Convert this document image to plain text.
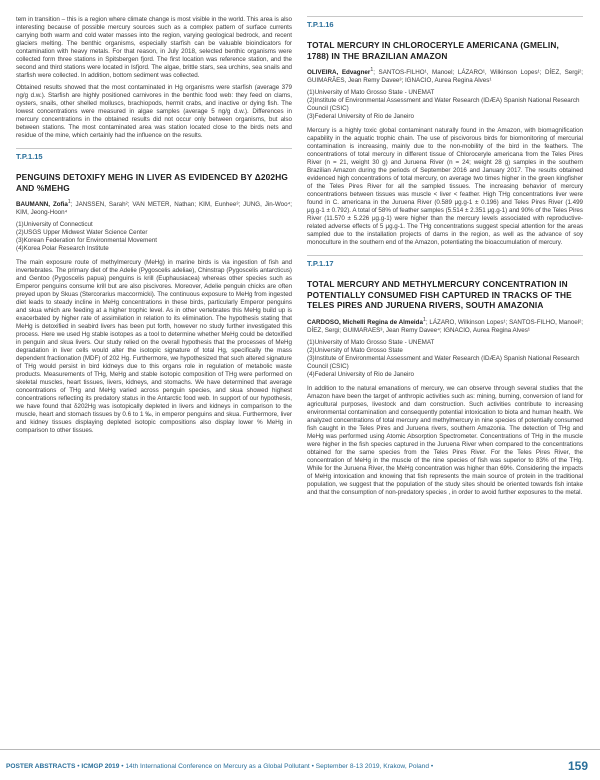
tem in transition – this is a region where climate change is most visible in the world. This area is also interesting because of possible mercury sources such as a complex pattern of surface currents carrying both warm and cold water masses into the region, varying geological bedrock, and recent glaciers melting. The benthic organisms, especially starfish can be valuable bioindicators for contamination with heavy metals. For that reason, in July 2018, selected benthic organisms were collected form three stations in Spitsbergen fjord. The first location was reference station, and the second and third stations were located in Isfjord. The algae, brittle stars, sea urchins, sea snails and starfish were collected. In addition, bottom sediment was collected.

Obtained results showed that the most contaminated in Hg organisms were starfish (average 379 ng/g d.w.). Starfish are highly positioned carnivores in the benthic food web: they feed on clams, oysters, snails, other shelled molluscs, brachiopods, hermit crabs, and inactive or dying fish. The lowest concentrations were measured in algae samples (average 5 ng/g d.w.). Differences in mercury concentrations in the obtained results did not occur only between organisms, but also between stations. The most contaminated area was station located close to the birds nets and residue of the mine, which certainly had the influence on the results.

T.P.1.15
PENGUINS DETOXIFY MEHG IN LIVER AS EVIDENCED BY Δ202HG AND %MEHG
BAUMANN, Zofia$^1$; JANSSEN, Sarah²; VAN METER, Nathan; KIM, Eunhee³; JUNG, Jin-Woo⁴; KIM, Jeong-Hoon⁴
(1)University of Connecticut
(2)USGS Upper Midwest Water Science Center
(3)Korean Federation for Environmental Movement
(4)Korea Polar Research Institute

The main exposure route of methylmercury (MeHg) in marine birds is via ingestion of fish and invertebrates. The primary diet of the Adelie (Pygoscelis adeliae), Chinstrap (Pygoscelis antarcticus) and Gentoo (Pygoscelis papua) penguins is krill (Euphausiacea) whereas other species such as Emperor penguins consume krill but are also piscivores. Moreover, Adelie penguin chicks are often preyed upon by Skuas (Stercorarius maccormicki). The continuous exposure to MeHg from ingested diet leads to steady incline in MeHg concentrations in these birds, particularly Emperor penguins and skua which are feeding at a higher trophic level. As in other vertebrates this MeHg build up is exacerbated by higher rate of assimilation in relation to its elimination. The hypothesis stating that MeHg is detoxified in seabird livers has been put forth, however no study further investigated this process. Here we used Hg stable isotopes as a tool to determine whether MeHg could be detoxified in penguin and skua livers. Our study relied on the overall hypothesis that the processes of MeHg degradation in liver cells would alter the isotopic signature of total Hg, specifically the mass dependent fractionation (MDF) of 202 Hg. Furthermore, we hypothesized that such altered signature of THg would persist in bird kidneys due to this organs role in regulation of metabolic waste products. Measurements of THg, MeHg and stable isotopic composition of THg were performed on skeletal muscles, heart tissues, livers, kidneys, and stomachs. We have determined that average concentrations of THg and MeHg varied across penguin species, and skua showed highest concentrations reflecting its predatory status in the Antarctic food web. In support of our hypothesis, we have found that δ202Hg was isotopically depleted in livers and kidneys in comparison to the muscle, heart and stomach tissues by 0.6 to 1 ‰, in emperor penguins and skua. Furthermore, liver and kidney tissues displaying depleted isotopic compositions also display lower % MeHg in comparison to other tissues.

T.P.1.16
TOTAL MERCURY IN CHLOROCERYLE AMERICANA (GMELIN, 1788) IN THE BRAZILIAN AMAZON
OLIVEIRA, Edvagner$^1$; SANTOS-FILHO¹, Manoel; LÁZARO¹, Wilkinson Lopes¹; DÍEZ, Sergi²; GUIMARÃES, Jean Remy Davee³; IGNACIO, Aurea Regina Alves¹
(1)University of Mato Grosso State - UNEMAT
(2)Institute of Environmental Assessment and Water Research (IDÆA) Spanish National Research Council (CSIC)
(3)Federal University of Rio de Janeiro

Mercury is a highly toxic global contaminant naturally found in the Amazon, with biomagnification capability in the aquatic trophic chain. The use of piscivorous birds for biomonitoring of mercurial contamination is increasing, mainly due to the non-mobility of the bird in the feathers. The concentrations of total mercury in different tissue of Chloroceryle americana from the Teles Pires River (n = 21, weight 30 g) and Juruena River (n = 24; weight 28 g) samples in the southern Brazilian Amazon during the periods of September 2016 and January 2017. The results obtained evidenced high concentrations of total mercury, on average two times higher in the green kingfisher of the Teles Pires River for all the sampled tissues. The increasing behavior of mercury concentrations between tissues was muscle < liver < feather. High THg concentrations liver were found in C. americana in the Juruena River (0.589 μg.g-1 ± 0.196) and Teles Pires River (1.499 μg.g-1 ± 0.792). A total of 58% of feather samples (5.514 ± 2.351 μg.g-1) and 90% of the Teles Pires River (11.570 ± 5.226 μg.g-1) were higher than the mercury levels associated with reproductive-related adverse effects of 5 μg.g-1. The THg concentrations suggest special attention for the areas sampled due to the installation projects of dams in the region, as well as the advance of soy monoculture in the southern end of the Amazon, potentiating the bioaccumulation of mercury.

T.P.1.17
TOTAL MERCURY AND METHYLMERCURY CONCENTRATION IN POTENTIALLY CONSUMED FISH CAPTURED IN TRACKS OF THE TELES PIRES AND JURUENA RIVERS, SOUTH AMAZONIA
CARDOSO, Michelli Regina de Almeida$^1$; LÁZARO, Wilkinson Lopes¹; SANTOS-FILHO, Manoel²; DÍEZ, Sergi; GUIMARAES³, Jean Remy Davee⁴; IGNACIO, Aurea Regina Alves¹
(1)University of Mato Grosso State - UNEMAT
(2)University of Mato Grosso State
(3)Institute of Environmental Assessment and Water Research (IDÆA) Spanish National Research Council (CSIC)
(4)Federal University of Rio de Janeiro

In addition to the natural emanations of mercury, we can observe through several studies that the Amazon have been the target of anthropic activities such as: mining, burning, conversion of land for agricultural purposes, livestock and dam construction. Such activities contribute to increasing environmental contamination and consequently potential intoxication to biota and human health. We analyzed concentrations of total mercury and methylmercury in nine species of potentially consumed fish caught in the Teles Pires and Juruena rivers, southern Amazonia. The detection of THg and MeHg was performed using Atomic Absorption Spectrometer. Concentrations of THg in the muscle were higher in the fish species captured in the Juruena River when compared to the concentrations obtained for the same species from the Teles Pires River. For the Teles Pires River, the concentration of MeHg in the muscle of the nine species of fish was superior to 83% of the THg. While for the Juruena River, the MeHg concentration was higher than 69%. Considering the impacts of MeHg intoxication and knowing that fish represents the main source of protein in the traditional population, we suggest that the population of the study sites should be oriented towards fish intake and that the consumption of non-predatory species , in order to avoid further exposures to the metal.

POSTER ABSTRACTS • ICMGP 2019 • 14th International Conference on Mercury as a Global Pollutant • September 8-13 2019, Krakow, Poland •	159
